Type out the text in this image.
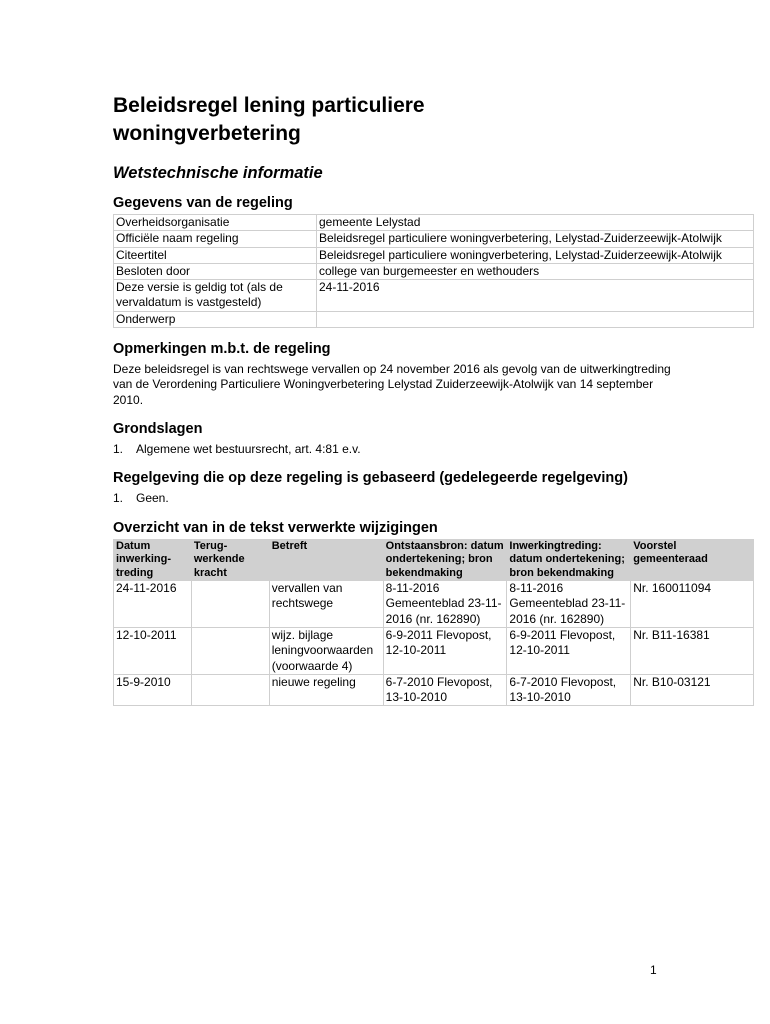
Beleidsregel lening particuliere woningverbetering
Wetstechnische informatie
Gegevens van de regeling
Overheidsorganisatie	gemeente Lelystad
Officiële naam regeling	Beleidsregel particuliere woningverbetering, Lelystad-Zuiderzeewijk-Atolwijk
Citeertitel	Beleidsregel particuliere woningverbetering, Lelystad-Zuiderzeewijk-Atolwijk
Besloten door	college van burgemeester en wethouders
Deze versie is geldig tot (als de vervaldatum is vastgesteld)	24-11-2016
Onderwerp	
Opmerkingen m.b.t. de regeling

Deze beleidsregel is van rechtswege vervallen op 24 november 2016 als gevolg van de uitwerkingtreding van de Verordening Particuliere Woningverbetering Lelystad Zuiderzeewijk-Atolwijk van 14 september 2010.

Grondslagen
1. Algemene wet bestuursrecht, art. 4:81 e.v.
Regelgeving die op deze regeling is gebaseerd (gedelegeerde regelgeving)
1. Geen.
Overzicht van in de tekst verwerkte wijzigingen
Datum inwerking-treding	Terug-werkende kracht	Betreft	Ontstaansbron: datum ondertekening; bron bekendmaking	Inwerkingtreding: datum ondertekening; bron bekendmaking	Voorstel gemeenteraad
24-11-2016		vervallen van rechtswege	8-11-2016 Gemeenteblad 23-11-2016 (nr. 162890)	8-11-2016 Gemeenteblad 23-11-2016 (nr. 162890)	Nr. 160011094
12-10-2011		wijz. bijlage leningvoorwaarden (voorwaarde 4)	6-9-2011 Flevopost, 12-10-2011	6-9-2011 Flevopost, 12-10-2011	Nr. B11-16381
15-9-2010		nieuwe regeling	6-7-2010 Flevopost, 13-10-2010	6-7-2010 Flevopost, 13-10-2010	Nr. B10-03121
1
